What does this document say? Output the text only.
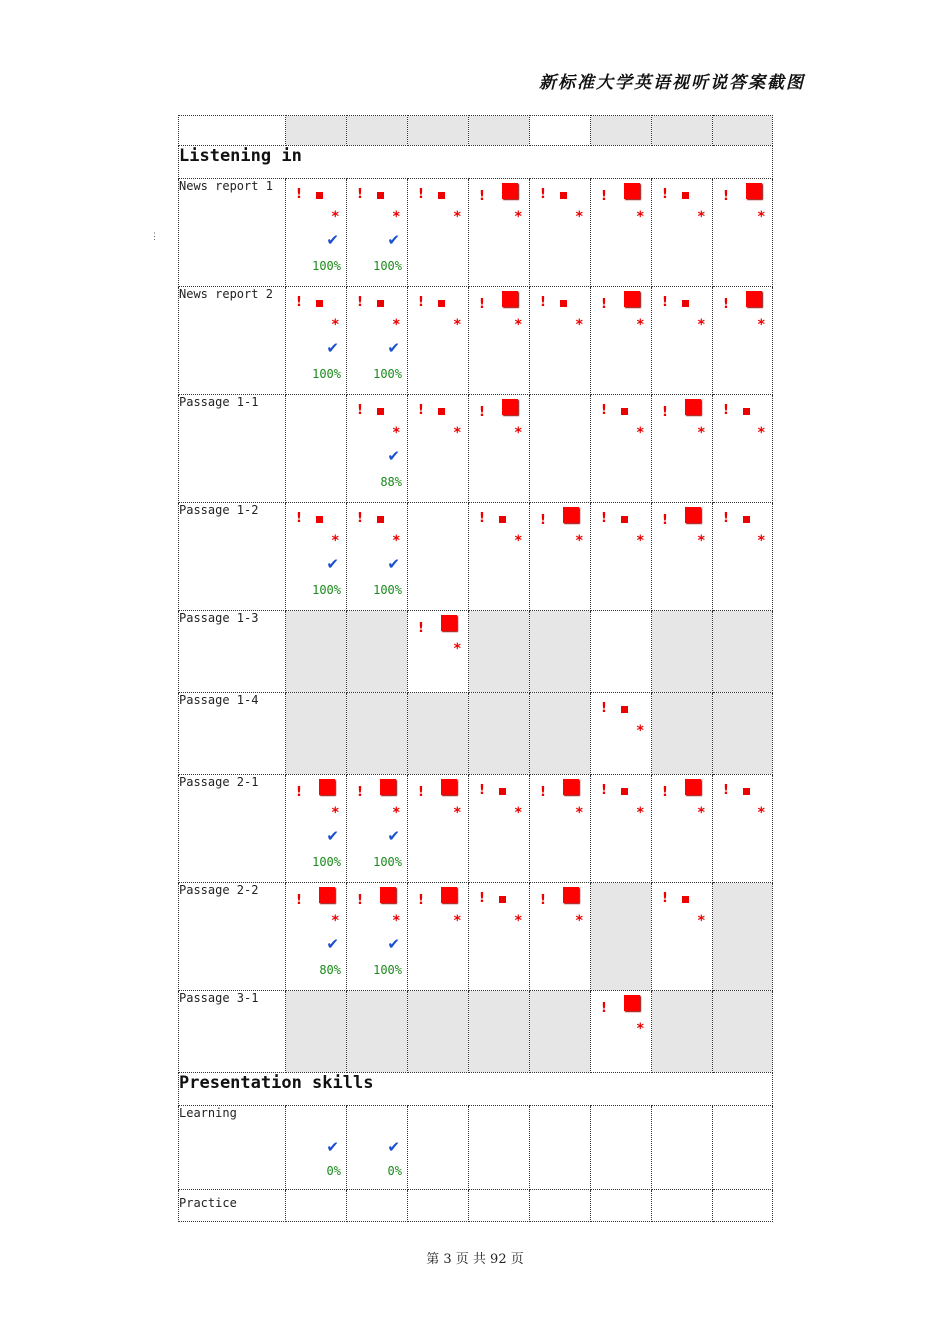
新标准大学英语视听说答案截图
⋮

Listening in								
News report 1	!
*
✔
100%	!
*
✔
100%	!
*	!
*	!
*	!
*	!
*	!
*

News report 2	!
*
✔
100%	!
*
✔
100%	!
*	!
*	!
*	!
*	!
*	!
*

Passage 1-1		!
*
✔
88%	!
*	!
*		!
*	!
*	!
*

Passage 1-2	!
*
✔
100%	!
*
✔
100%		!
*	!
*	!
*	!
*	!
*

Passage 1-3			!
*					

Passage 1-4						!
*		

Passage 2-1	!
*
✔
100%	!
*
✔
100%	!
*	!
*	!
*	!
*	!
*	!
*

Passage 2-2	!
*
✔
80%	!
*
✔
100%	!
*	!
*	!
*		!
*	

Passage 3-1						!
*		

Presentation skills								
Learning	✔
0%	✔
0%						

Practice	

第 3 页 共 92 页
